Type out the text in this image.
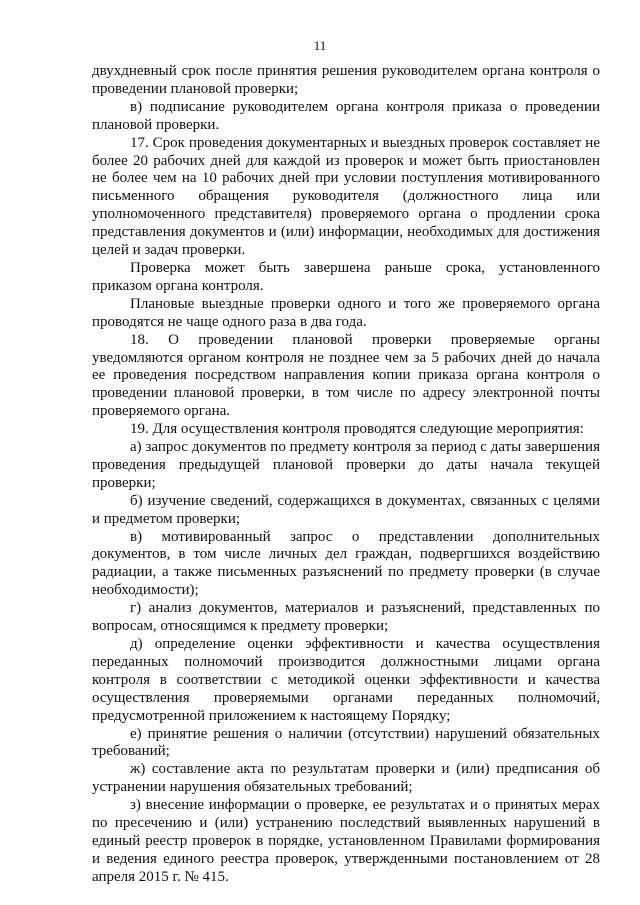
11

двухдневный срок после принятия решения руководителем органа контроля о проведении плановой проверки;

в) подписание руководителем органа контроля приказа о проведении плановой проверки.

17. Срок проведения документарных и выездных проверок составляет не более 20 рабочих дней для каждой из проверок и может быть приостановлен не более чем на 10 рабочих дней при условии поступления мотивированного письменного обращения руководителя (должностного лица или уполномоченного представителя) проверяемого органа о продлении срока представления документов и (или) информации, необходимых для достижения целей и задач проверки.

Проверка может быть завершена раньше срока, установленного приказом органа контроля.

Плановые выездные проверки одного и того же проверяемого органа проводятся не чаще одного раза в два года.

18. О проведении плановой проверки проверяемые органы уведомляются органом контроля не позднее чем за 5 рабочих дней до начала ее проведения посредством направления копии приказа органа контроля о проведении плановой проверки, в том числе по адресу электронной почты проверяемого органа.

19. Для осуществления контроля проводятся следующие мероприятия:

а) запрос документов по предмету контроля за период с даты завершения проведения предыдущей плановой проверки до даты начала текущей проверки;

б) изучение сведений, содержащихся в документах, связанных с целями и предметом проверки;

в) мотивированный запрос о представлении дополнительных документов, в том числе личных дел граждан, подвергшихся воздействию радиации, а также письменных разъяснений по предмету проверки (в случае необходимости);

г) анализ документов, материалов и разъяснений, представленных по вопросам, относящимся к предмету проверки;

д) определение оценки эффективности и качества осуществления переданных полномочий производится должностными лицами органа контроля в соответствии с методикой оценки эффективности и качества осуществления проверяемыми органами переданных полномочий, предусмотренной приложением к настоящему Порядку;

е) принятие решения о наличии (отсутствии) нарушений обязательных требований;

ж) составление акта по результатам проверки и (или) предписания об устранении нарушения обязательных требований;

з) внесение информации о проверке, ее результатах и о принятых мерах по пресечению и (или) устранению последствий выявленных нарушений в единый реестр проверок в порядке, установленном Правилами формирования и ведения единого реестра проверок, утвержденными постановлением от 28 апреля 2015 г. № 415.
